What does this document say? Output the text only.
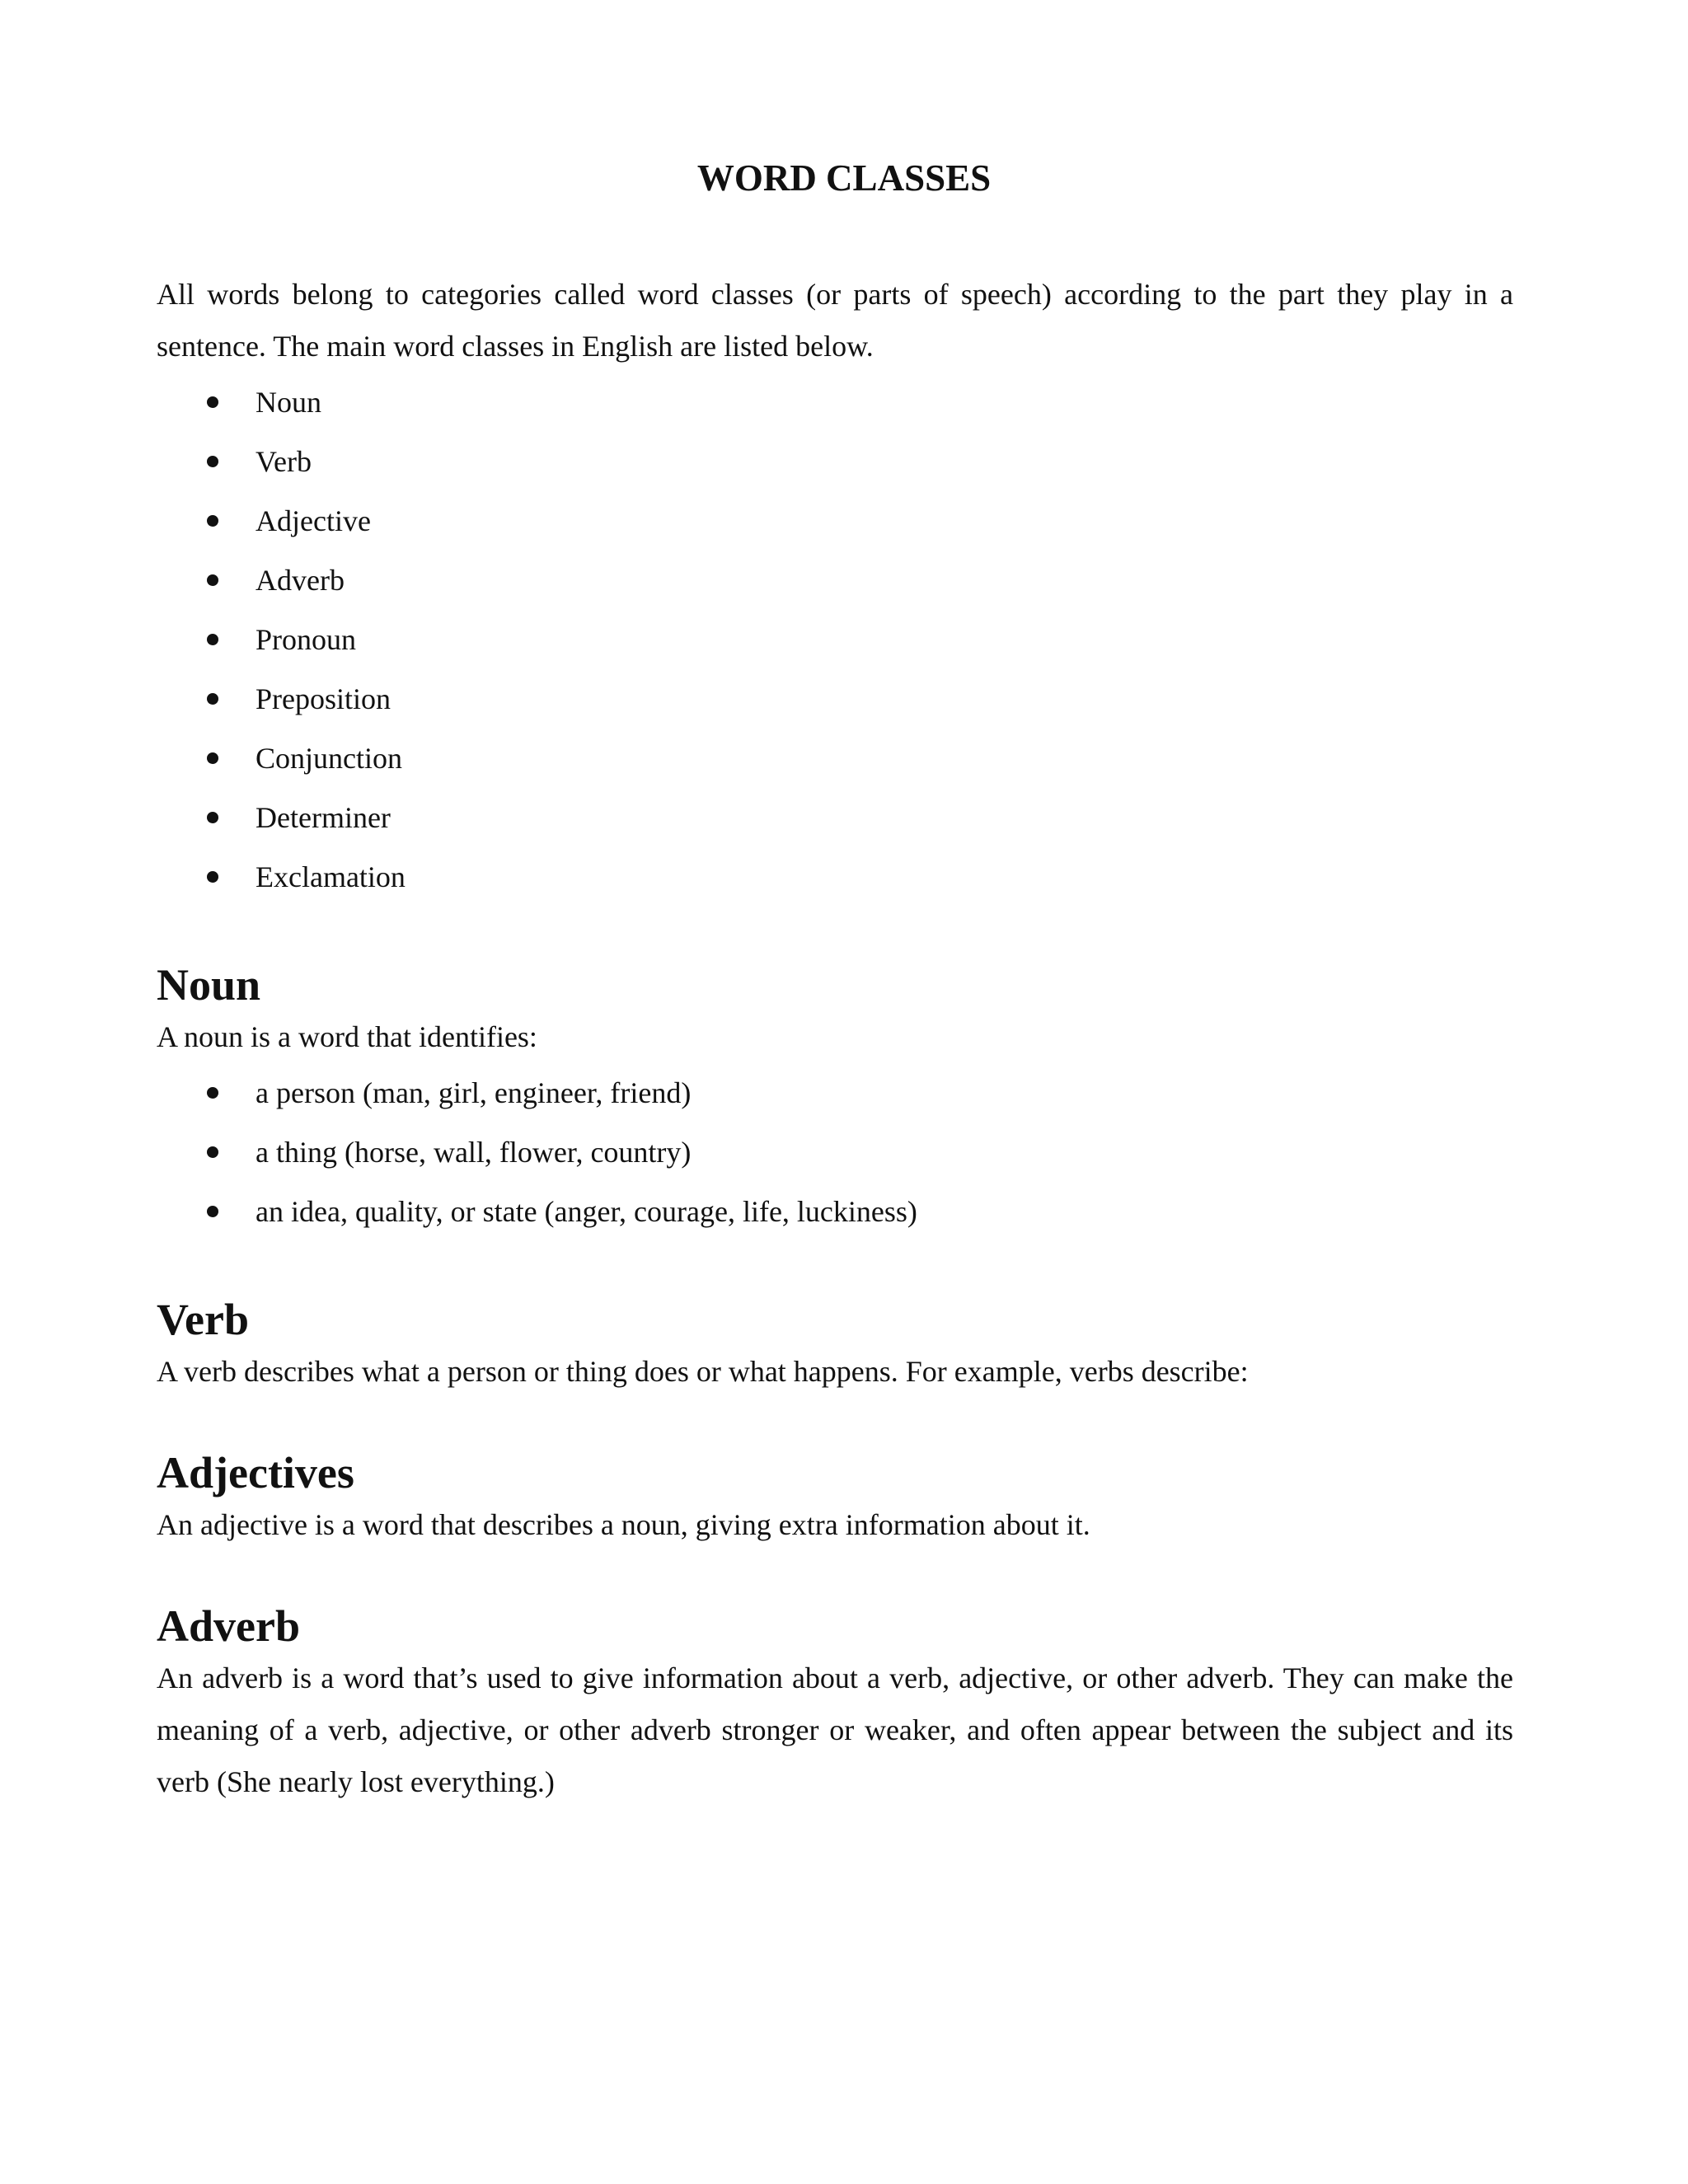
WORD CLASSES

All words belong to categories called word classes (or parts of speech) according to the part they play in a sentence. The main word classes in English are listed below.

Noun
Verb
Adjective
Adverb
Pronoun
Preposition
Conjunction
Determiner
Exclamation
Noun

A noun is a word that identifies:

a person (man, girl, engineer, friend)
a thing (horse, wall, flower, country)
an idea, quality, or state (anger, courage, life, luckiness)
Verb

A verb describes what a person or thing does or what happens. For example, verbs describe:

Adjectives

An adjective is a word that describes a noun, giving extra information about it.

Adverb

An adverb is a word that’s used to give information about a verb, adjective, or other adverb. They can make the meaning of a verb, adjective, or other adverb stronger or weaker, and often appear between the subject and its verb (She nearly lost everything.)
